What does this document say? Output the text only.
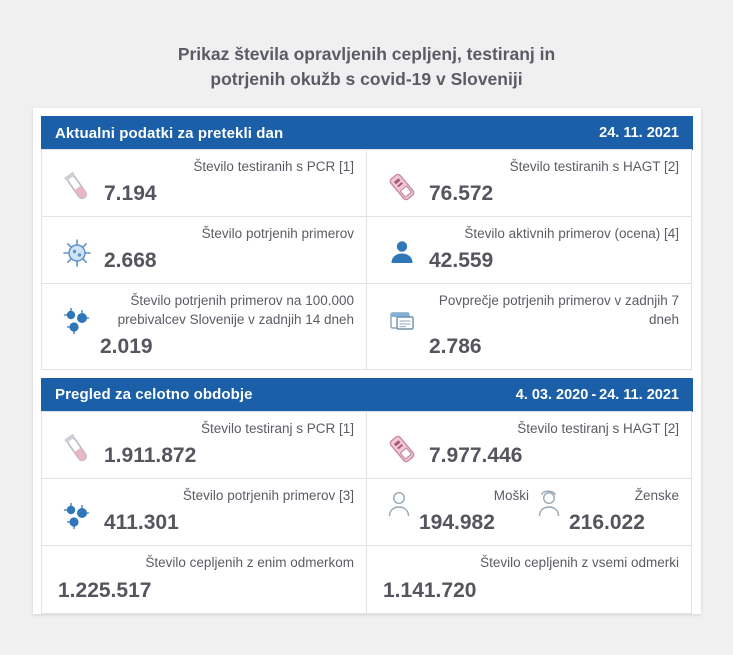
Prikaz števila opravljenih cepljenj, testiranj in
potrjenih okužb s covid-19 v Sloveniji
Aktualni podatki za pretekli dan	24. 11. 2021
Število testiranih s PCR [1]
7.194
Število testiranih s HAGT [2]
76.572
Število potrjenih primerov
2.668
Število aktivnih primerov (ocena) [4]
42.559
Število potrjenih primerov na 100.000 prebivalcev Slovenije v zadnjih 14 dneh
2.019
Povprečje potrjenih primerov v zadnjih 7 dneh
2.786
Pregled za celotno obdobje	4. 03. 2020 - 24. 11. 2021
Število testiranj s PCR [1]
1.911.872
Število testiranj s HAGT [2]
7.977.446
Število potrjenih primerov [3]
411.301
Moški
194.982
Ženske
216.022
Število cepljenih z enim odmerkom
1.225.517
Število cepljenih z vsemi odmerki
1.141.720
